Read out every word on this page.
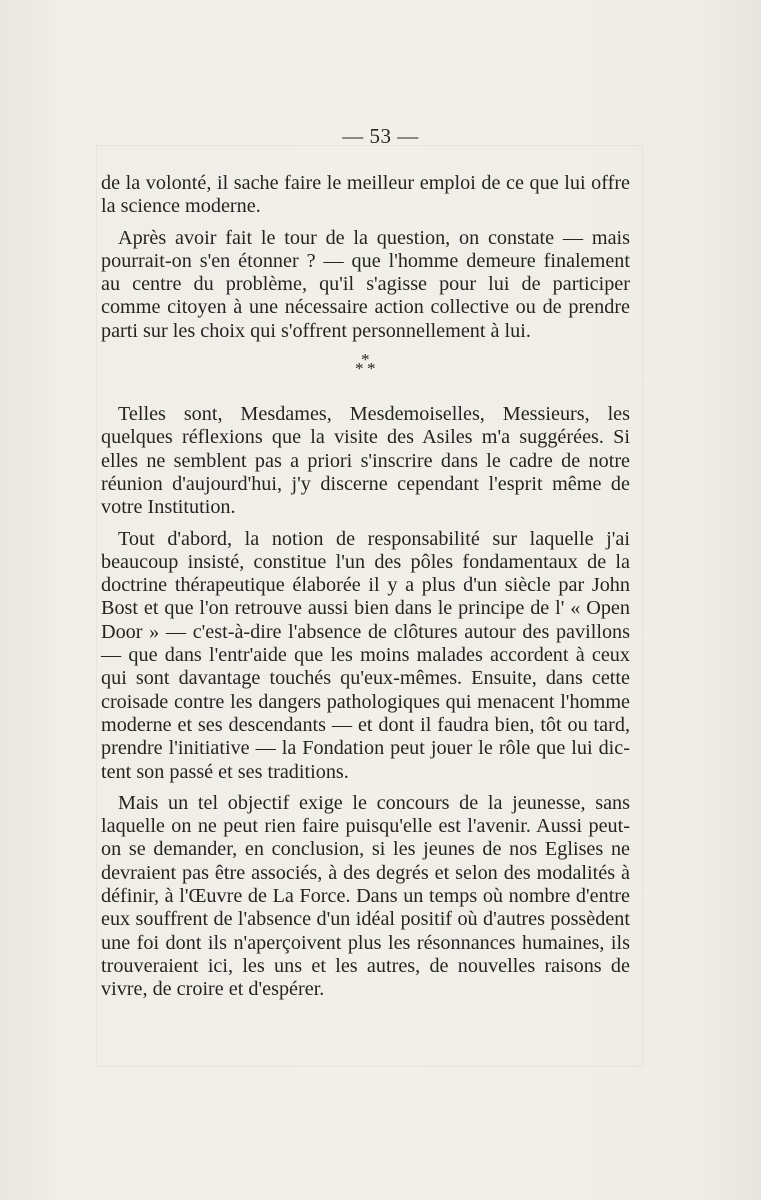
— 53 —

de la volonté, il sache faire le meilleur emploi de ce que lui offre la science moderne.

Après avoir fait le tour de la question, on constate — mais pourrait-on s'en étonner ? — que l'homme demeure finalement au centre du problème, qu'il s'agisse pour lui de participer comme citoyen à une nécessaire action collective ou de prendre parti sur les choix qui s'offrent personnellement à lui.

*
* *

Telles sont, Mesdames, Mesdemoiselles, Messieurs, les quelques réflexions que la visite des Asiles m'a suggérées. Si elles ne semblent pas a priori s'inscrire dans le cadre de notre réunion d'aujourd'hui, j'y discerne cependant l'esprit même de votre Institution.

Tout d'abord, la notion de responsabilité sur laquelle j'ai beaucoup insisté, constitue l'un des pôles fondamentaux de la doctrine thérapeutique élaborée il y a plus d'un siècle par John Bost et que l'on retrouve aussi bien dans le principe de l' « Open Door » — c'est-à-dire l'absence de clôtures autour des pavillons — que dans l'entr'aide que les moins malades accordent à ceux qui sont davantage touchés qu'eux-mêmes. Ensuite, dans cette croisade contre les dangers pathologiques qui menacent l'homme moderne et ses descendants — et dont il faudra bien, tôt ou tard, prendre l'initiative — la Fondation peut jouer le rôle que lui dictent son passé et ses traditions.

Mais un tel objectif exige le concours de la jeunesse, sans laquelle on ne peut rien faire puisqu'elle est l'avenir. Aussi peut-on se demander, en conclusion, si les jeunes de nos Eglises ne devraient pas être associés, à des degrés et selon des modalités à définir, à l'Œuvre de La Force. Dans un temps où nombre d'entre eux souffrent de l'absence d'un idéal positif où d'autres possèdent une foi dont ils n'aperçoivent plus les résonnances humaines, ils trouveraient ici, les uns et les autres, de nouvelles raisons de vivre, de croire et d'espérer.
